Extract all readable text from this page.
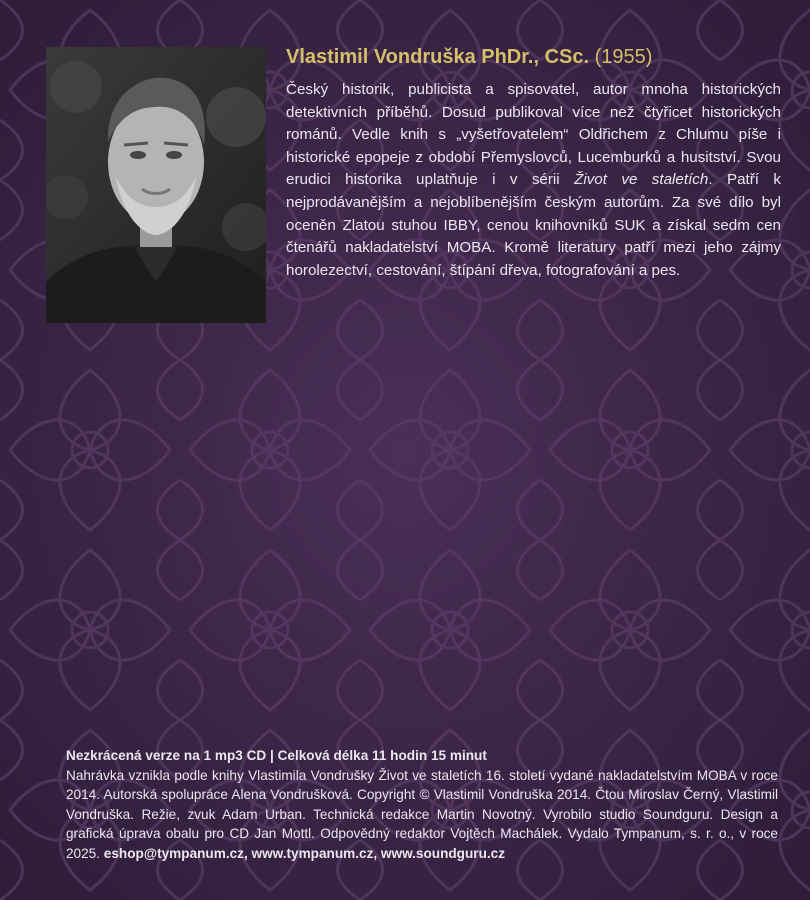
Vlastimil Vondruška PhDr., CSc. (1955)

Český historik, publicista a spisovatel, autor mnoha historických detektivních příběhů. Dosud publikoval více než čtyřicet historických románů. Vedle knih s „vyšetřovatelem“ Oldřichem z Chlumu píše i historické epopeje z období Přemyslovců, Lucemburků a husitství. Svou erudici historika uplatňuje i v sérii Život ve staletích. Patří k nejprodávanějším a nejoblíbenějším českým autorům. Za své dílo byl oceněn Zlatou stuhou IBBY, cenou knihovníků SUK a získal sedm cen čtenářů nakladatelství MOBA. Kromě literatury patří mezi jeho zájmy horolezectví, cestování, štípání dřeva, fotografování a pes.

Nezkrácená verze na 1 mp3 CD | Celková délka 11 hodin 15 minut

Nahrávka vznikla podle knihy Vlastimila Vondrušky Život ve staletích 16. století vydané nakladatelstvím MOBA v roce 2014. Autorská spolupráce Alena Vondrušková. Copyright © Vlastimil Vondruška 2014. Čtou Miroslav Černý, Vlastimil Vondruška. Režie, zvuk Adam Urban. Technická redakce Martin Novotný. Vyrobilo studio Soundguru. Design a grafická úprava obalu pro CD Jan Mottl. Odpovědný redaktor Vojtěch Machálek. Vydalo Tympanum, s. r. o., v roce 2025. eshop@tympanum.cz, www.tympanum.cz, www.soundguru.cz
